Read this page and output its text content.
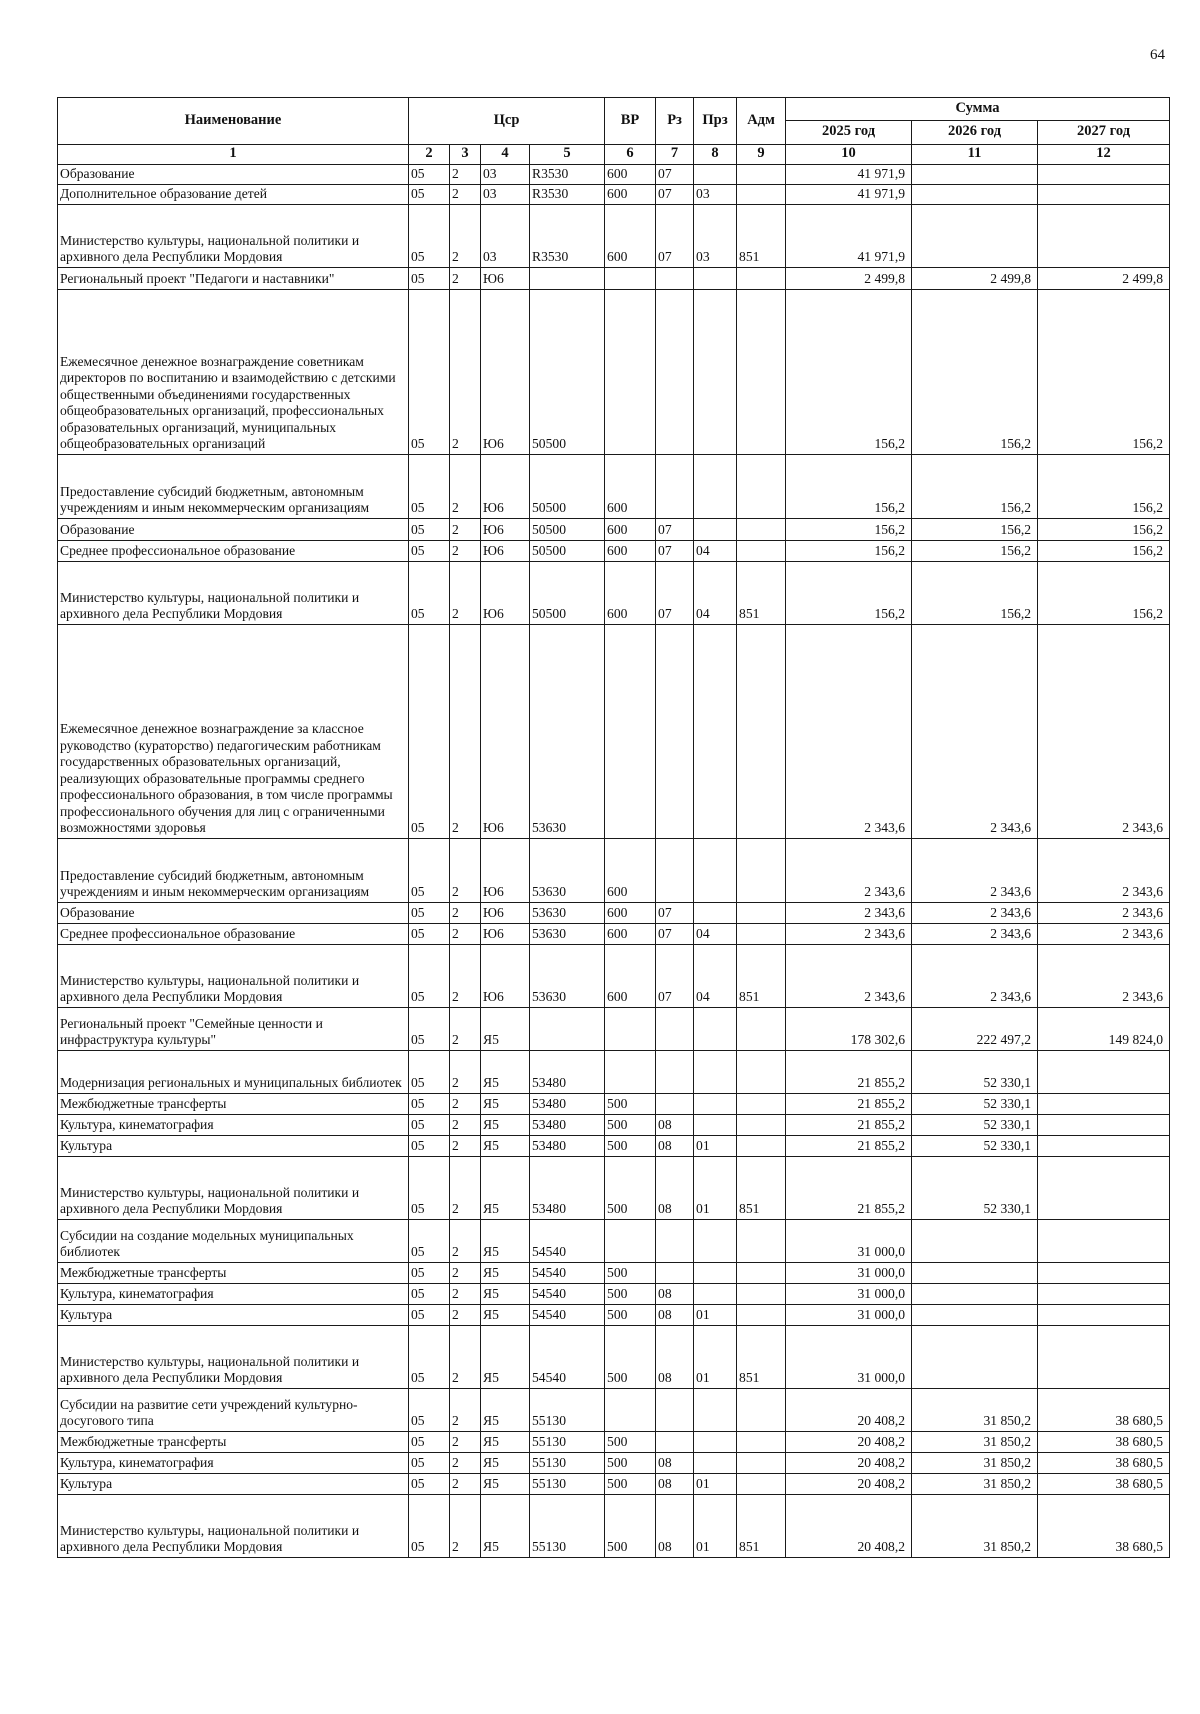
64
Наименование	Цср				ВР	Рз	Прз	Адм	Сумма		
									2025 год	2026 год	2027 год
1	2	3	4	5	6	7	8	9	10	11	12
Образование	05	2	03	R3530	600	07			41 971,9		
Дополнительное образование детей	05	2	03	R3530	600	07	03		41 971,9		
Министерство культуры, национальной политики и архивного дела Республики Мордовия	05	2	03	R3530	600	07	03	851	41 971,9		
Региональный проект "Педагоги и наставники"	05	2	Ю6						2 499,8	2 499,8	2 499,8
Ежемесячное денежное вознаграждение советникам директоров по воспитанию и взаимодействию с детскими общественными объединениями государственных общеобразовательных организаций, профессиональных образовательных организаций, муниципальных общеобразовательных организаций	05	2	Ю6	50500					156,2	156,2	156,2
Предоставление субсидий бюджетным, автономным учреждениям и иным некоммерческим организациям	05	2	Ю6	50500	600				156,2	156,2	156,2
Образование	05	2	Ю6	50500	600	07			156,2	156,2	156,2
Среднее профессиональное образование	05	2	Ю6	50500	600	07	04		156,2	156,2	156,2
Министерство культуры, национальной политики и архивного дела Республики Мордовия	05	2	Ю6	50500	600	07	04	851	156,2	156,2	156,2
Ежемесячное денежное вознаграждение за классное руководство (кураторство) педагогическим работникам государственных образовательных организаций, реализующих образовательные программы среднего профессионального образования, в том числе программы профессионального обучения для лиц с ограниченными возможностями здоровья	05	2	Ю6	53630					2 343,6	2 343,6	2 343,6
Предоставление субсидий бюджетным, автономным учреждениям и иным некоммерческим организациям	05	2	Ю6	53630	600				2 343,6	2 343,6	2 343,6
Образование	05	2	Ю6	53630	600	07			2 343,6	2 343,6	2 343,6
Среднее профессиональное образование	05	2	Ю6	53630	600	07	04		2 343,6	2 343,6	2 343,6
Министерство культуры, национальной политики и архивного дела Республики Мордовия	05	2	Ю6	53630	600	07	04	851	2 343,6	2 343,6	2 343,6
Региональный проект "Семейные ценности и инфраструктура культуры"	05	2	Я5						178 302,6	222 497,2	149 824,0
Модернизация региональных и муниципальных библиотек	05	2	Я5	53480					21 855,2	52 330,1	
Межбюджетные трансферты	05	2	Я5	53480	500				21 855,2	52 330,1	
Культура, кинематография	05	2	Я5	53480	500	08			21 855,2	52 330,1	
Культура	05	2	Я5	53480	500	08	01		21 855,2	52 330,1	
Министерство культуры, национальной политики и архивного дела Республики Мордовия	05	2	Я5	53480	500	08	01	851	21 855,2	52 330,1	
Субсидии на создание модельных муниципальных библиотек	05	2	Я5	54540					31 000,0		
Межбюджетные трансферты	05	2	Я5	54540	500				31 000,0		
Культура, кинематография	05	2	Я5	54540	500	08			31 000,0		
Культура	05	2	Я5	54540	500	08	01		31 000,0		
Министерство культуры, национальной политики и архивного дела Республики Мордовия	05	2	Я5	54540	500	08	01	851	31 000,0		
Субсидии на развитие сети учреждений культурно-досугового типа	05	2	Я5	55130					20 408,2	31 850,2	38 680,5
Межбюджетные трансферты	05	2	Я5	55130	500				20 408,2	31 850,2	38 680,5
Культура, кинематография	05	2	Я5	55130	500	08			20 408,2	31 850,2	38 680,5
Культура	05	2	Я5	55130	500	08	01		20 408,2	31 850,2	38 680,5
Министерство культуры, национальной политики и архивного дела Республики Мордовия	05	2	Я5	55130	500	08	01	851	20 408,2	31 850,2	38 680,5
